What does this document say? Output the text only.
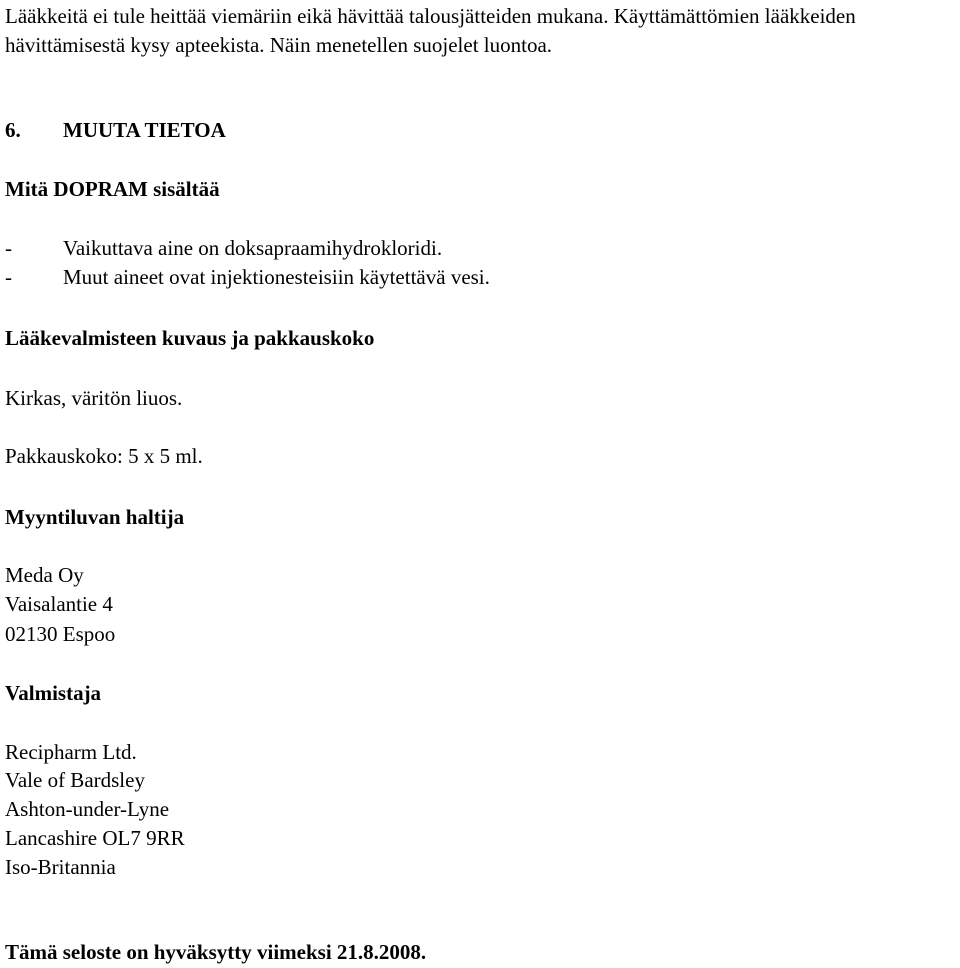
Lääkkeitä ei tule heittää viemäriin eikä hävittää talousjätteiden mukana. Käyttämättömien lääkkeiden
hävittämisestä kysy apteekista. Näin menetellen suojelet luontoa.
6. MUUTA TIETOA
Mitä DOPRAM sisältää
- Vaikuttava aine on doksapraamihydrokloridi.
- Muut aineet ovat injektionesteisiin käytettävä vesi.
Lääkevalmisteen kuvaus ja pakkauskoko
Kirkas, väritön liuos.
Pakkauskoko: 5 x 5 ml.
Myyntiluvan haltija
Meda Oy
Vaisalantie 4
02130 Espoo
Valmistaja
Recipharm Ltd.
Vale of Bardsley
Ashton-under-Lyne
Lancashire OL7 9RR
Iso-Britannia
Tämä seloste on hyväksytty viimeksi 21.8.2008.
